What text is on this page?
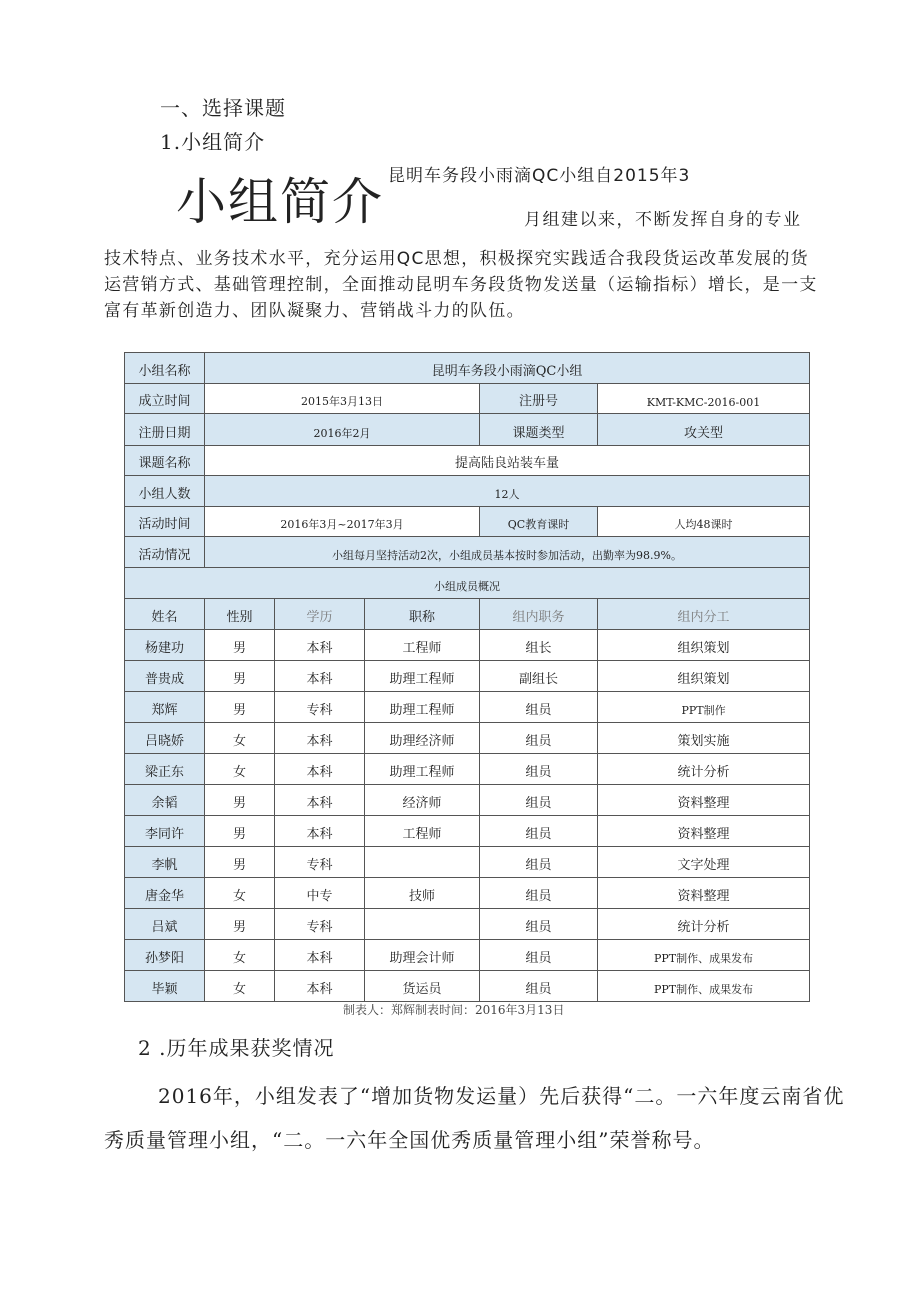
一、选择课题
1.小组简介
小组简介 昆明车务段小雨滴QC小组自2015年3
月组建以来，不断发挥自身的专业
技术特点、业务技术水平，充分运用QC思想，积极探究实践适合我段货运改革发展的货
运营销方式、基础管理控制，全面推动昆明车务段货物发送量（运输指标）增长，是一支
富有革新创造力、团队凝聚力、营销战斗力的队伍。
小组名称	昆明车务段小雨滴QC小组				
成立时间	2015年3月13日			注册号	KMT-KMC-2016-001
注册日期	2016年2月			课题类型	攻关型
课题名称	提高陆良站装车量				
小组人数	12人				
活动时间	2016年3月~2017年3月			QC教育课时	人均48课时
活动情况	小组每月坚持活动2次，小组成员基本按时参加活动，出勤率为98.9%。				
小组成员概况					
姓名	性别	学历	职称	组内职务	组内分工
杨建功	男	本科	工程师	组长	组织策划
普贵成	男	本科	助理工程师	副组长	组织策划
郑辉	男	专科	助理工程师	组员	PPT制作
吕晓娇	女	本科	助理经济师	组员	策划实施
梁正东	女	本科	助理工程师	组员	统计分析
余韬	男	本科	经济师	组员	资料整理
李同许	男	本科	工程师	组员	资料整理
李帆	男	专科		组员	文字处理
唐金华	女	中专	技师	组员	资料整理
吕斌	男	专科		组员	统计分析
孙梦阳	女	本科	助理会计师	组员	PPT制作、成果发布
毕颖	女	本科	货运员	组员	PPT制作、成果发布
制表人：郑辉制表时间：2016年3月13日
2 .历年成果获奖情况
2016年，小组发表了“增加货物发运量）先后获得“二。一六年度云南省优
秀质量管理小组，“二。一六年全国优秀质量管理小组”荣誉称号。
